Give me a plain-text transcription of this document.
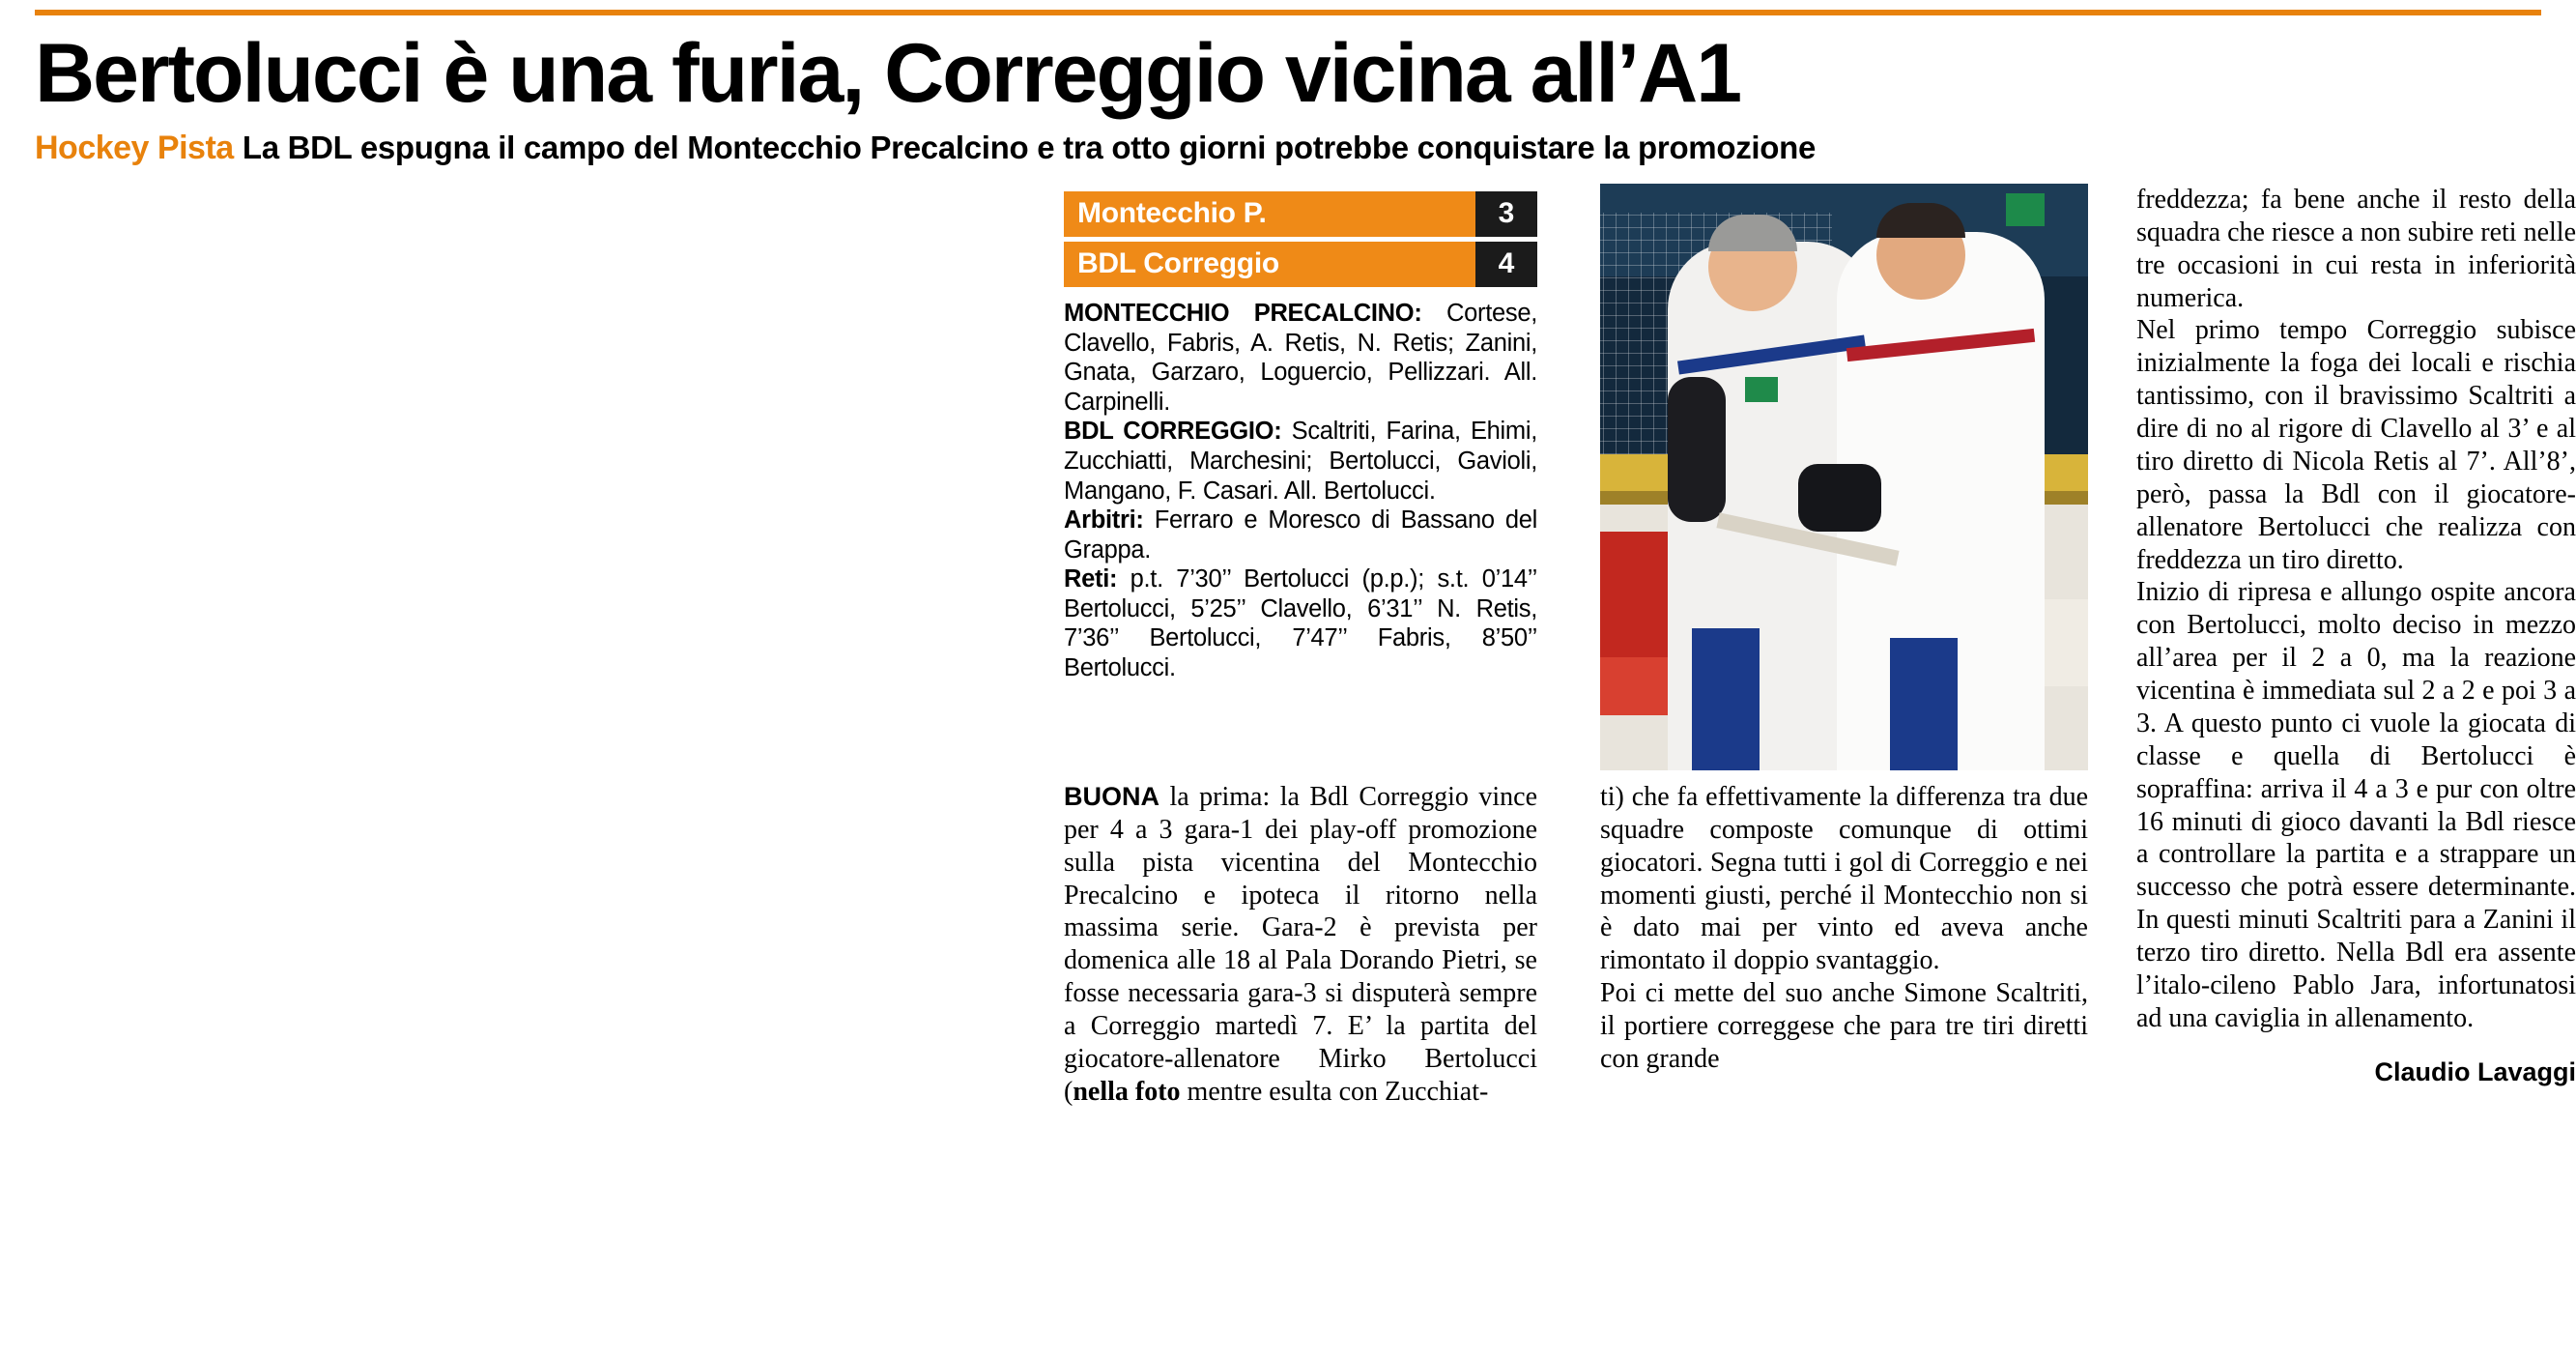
Bertolucci è una furia, Correggio vicina all’A1
Hockey Pista La BDL espugna il campo del Montecchio Precalcino e tra otto giorni potrebbe conquistare la promozione
Montecchio P.	3
BDL Correggio	4

MONTECCHIO PRECALCINO: Cortese, Clavello, Fabris, A. Retis, N. Retis; Zanini, Gnata, Garzaro, Loguercio, Pellizzari. All. Carpinelli.

BDL CORREGGIO: Scaltriti, Farina, Ehimi, Zucchiatti, Marchesini; Bertolucci, Gavioli, Mangano, F. Casari. All. Bertolucci.

Arbitri: Ferraro e Moresco di Bassano del Grappa.

Reti: p.t. 7’30’’ Bertolucci (p.p.); s.t. 0’14’’ Bertolucci, 5’25’’ Clavello, 6’31’’ N. Retis, 7’36’’ Bertolucci, 7’47’’ Fabris, 8’50’’ Bertolucci.

BUONA la prima: la Bdl Correggio vince per 4 a 3 gara-1 dei play-off promozione sulla pista vicentina del Montecchio Precalcino e ipoteca il ritorno nella massima serie. Gara-2 è prevista per domenica alle 18 al Pala Dorando Pietri, se fosse necessaria gara-3 si disputerà sempre a Correggio martedì 7. E’ la partita del giocatore-allenatore Mirko Bertolucci (nella foto mentre esulta con Zucchiat-

ti) che fa effettivamente la differenza tra due squadre composte comunque di ottimi giocatori. Segna tutti i gol di Correggio e nei momenti giusti, perché il Montecchio non si è dato mai per vinto ed aveva anche rimontato il doppio svantaggio.

Poi ci mette del suo anche Simone Scaltriti, il portiere correggese che para tre tiri diretti con grande

freddezza; fa bene anche il resto della squadra che riesce a non subire reti nelle tre occasioni in cui resta in inferiorità numerica.

Nel primo tempo Correggio subisce inizialmente la foga dei locali e rischia tantissimo, con il bravissimo Scaltriti a dire di no al rigore di Clavello al 3’ e al tiro diretto di Nicola Retis al 7’. All’8’, però, passa la Bdl con il giocatore-allenatore Bertolucci che realizza con freddezza un tiro diretto.

Inizio di ripresa e allungo ospite ancora con Bertolucci, molto deciso in mezzo all’area per il 2 a 0, ma la reazione vicentina è immediata sul 2 a 2 e poi 3 a 3. A questo punto ci vuole la giocata di classe e quella di Bertolucci è sopraffina: arriva il 4 a 3 e pur con oltre 16 minuti di gioco davanti la Bdl riesce a controllare la partita e a strappare un successo che potrà essere determinante. In questi minuti Scaltriti para a Zanini il terzo tiro diretto. Nella Bdl era assente l’italo-cileno Pablo Jara, infortunatosi ad una caviglia in allenamento.

Claudio Lavaggi
